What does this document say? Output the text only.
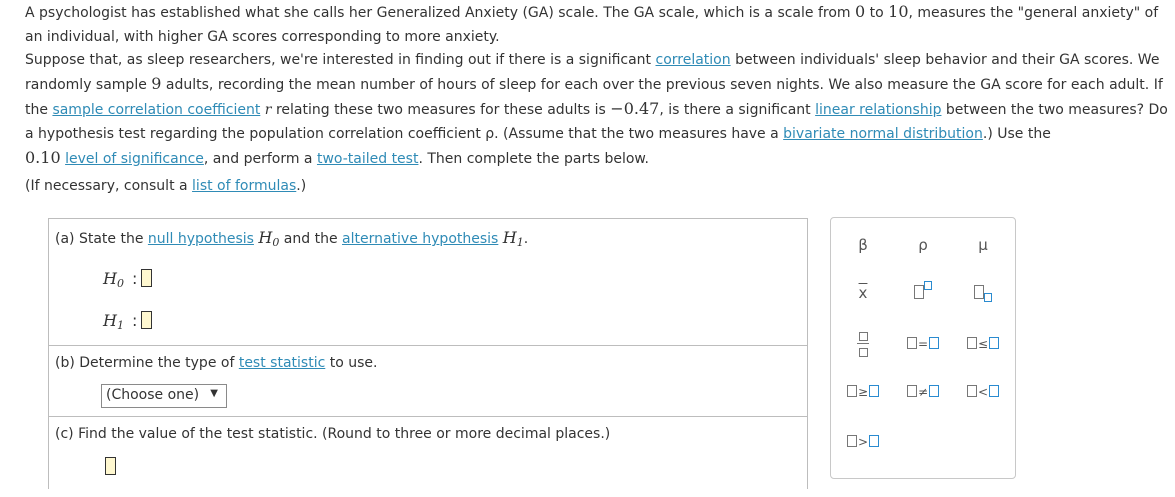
A psychologist has established what she calls her Generalized Anxiety (GA) scale. The GA scale, which is a scale from 0 to 10, measures the "general anxiety" of an individual, with higher GA scores corresponding to more anxiety.

Suppose that, as sleep researchers, we're interested in finding out if there is a significant correlation between individuals' sleep behavior and their GA scores. We randomly sample 9 adults, recording the mean number of hours of sleep for each over the previous seven nights. We also measure the GA score for each adult. If the sample correlation coefficient r relating these two measures for these adults is −0.47, is there a significant linear relationship between the two measures? Do a hypothesis test regarding the population correlation coefficient ρ. (Assume that the two measures have a bivariate normal distribution.) Use the
0.10 level of significance, and perform a two-tailed test. Then complete the parts below.

(If necessary, consult a list of formulas.)

(a) State the null hypothesis $H_0$ and the alternative hypothesis $H_1$.
$H_0$ :
$H_1$ :
(b) Determine the type of test statistic to use.
(Choose one) ▼
(c) Find the value of the test statistic. (Round to three or more decimal places.)
β	ρ	μ
$\overline{x}$
=	≤
≥	≠	<
>
